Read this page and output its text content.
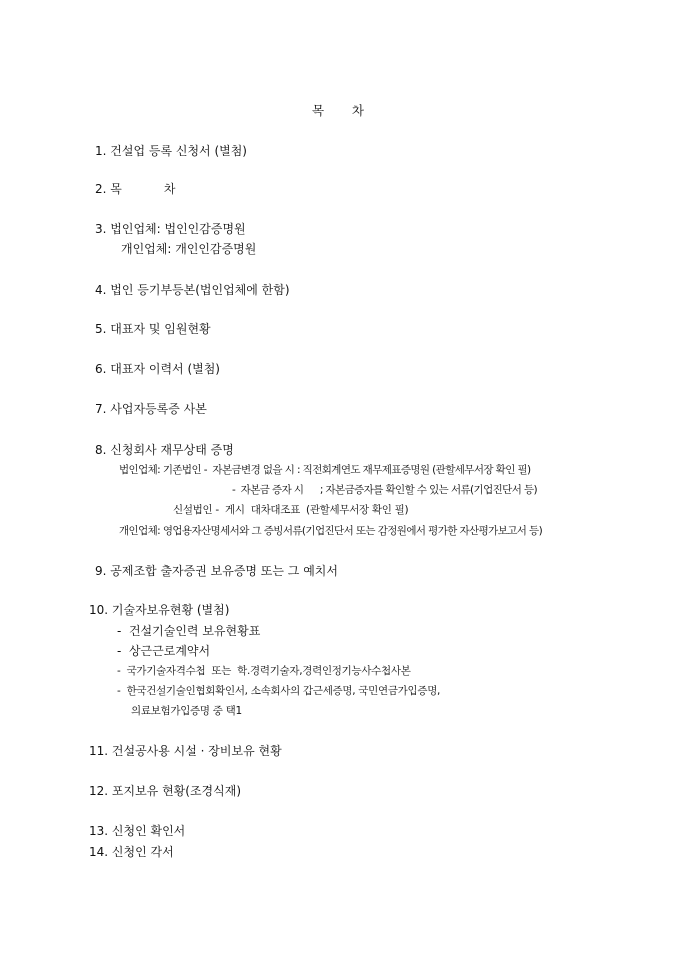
목       차
1. 건설업 등록 신청서 (별첨)
2. 목           차
3. 법인업체: 법인인감증명원
개인업체: 개인인감증명원
4. 법인 등기부등본(법인업체에 한함)
5. 대표자 및 임원현황
6. 대표자 이력서 (별첨)
7. 사업자등록증 사본
8. 신청회사 재무상태 증명
법인업체: 기존법인 -  자본금변경 없을 시 : 직전회계연도 재무제표증명원 (관할세무서장 확인 필)
-  자본금 증자 시      ; 자본금증자를 확인할 수 있는 서류(기업진단서 등)
신설법인 -  게시  대차대조표  (관할세무서장 확인 필)
개인업체: 영업용자산명세서와 그 증빙서류(기업진단서 또는 감정원에서 평가한 자산평가보고서 등)
9. 공제조합 출자증권 보유증명 또는 그 예치서
10. 기술자보유현황 (별첨)
-  건설기술인력 보유현황표
-  상근근로계약서
-  국가기술자격수첩  또는  학.경력기술자,경력인정기능사수첩사본
-  한국건설기술인협회확인서, 소속회사의 갑근세증명, 국민연금가입증명,
의료보험가입증명 중 택1
11. 건설공사용 시설 · 장비보유 현황
12. 포지보유 현황(조경식재)
13. 신청인 확인서
14. 신청인 각서
